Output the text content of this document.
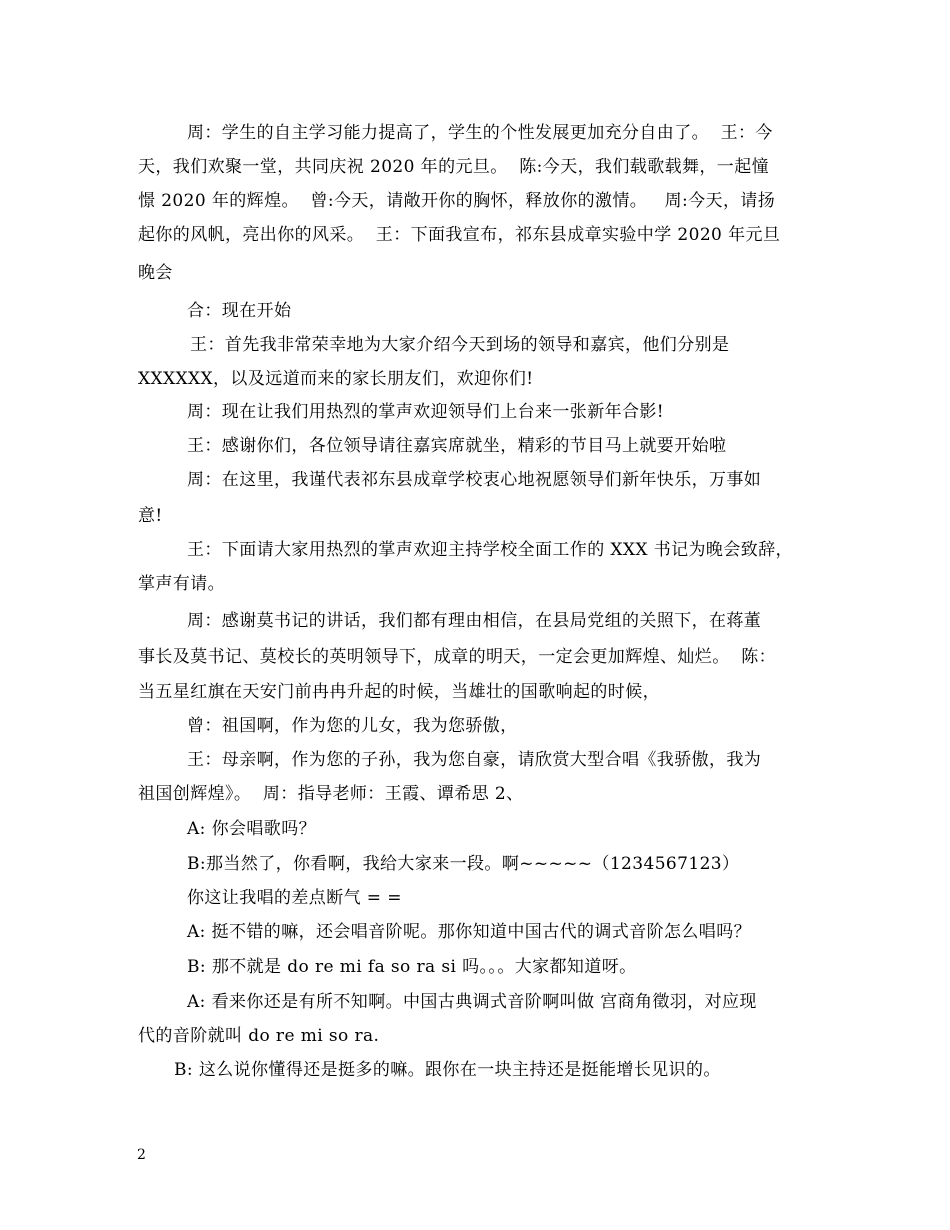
周：学生的自主学习能力提高了，学生的个性发展更加充分自由了。  王：今
天，我们欢聚一堂，共同庆祝 2020 年的元旦。  陈:今天，我们载歌载舞，一起憧
憬 2020 年的辉煌。  曾:今天，请敞开你的胸怀，释放你的激情。   周:今天，请扬
起你的风帆，亮出你的风采。  王：下面我宣布，祁东县成章实验中学 2020 年元旦
晚会
合：现在开始
王：首先我非常荣幸地为大家介绍今天到场的领导和嘉宾，他们分别是
XXXXXX，以及远道而来的家长朋友们，欢迎你们!
周：现在让我们用热烈的掌声欢迎领导们上台来一张新年合影!
王：感谢你们，各位领导请往嘉宾席就坐，精彩的节目马上就要开始啦
周：在这里，我谨代表祁东县成章学校衷心地祝愿领导们新年快乐，万事如
意!
王：下面请大家用热烈的掌声欢迎主持学校全面工作的 XXX 书记为晚会致辞，
掌声有请。
周：感谢莫书记的讲话，我们都有理由相信，在县局党组的关照下，在蒋董
事长及莫书记、莫校长的英明领导下，成章的明天，一定会更加辉煌、灿烂。  陈：
当五星红旗在天安门前冉冉升起的时候，当雄壮的国歌响起的时候，
曾：祖国啊，作为您的儿女，我为您骄傲，
王：母亲啊，作为您的子孙，我为您自豪，请欣赏大型合唱《我骄傲，我为
祖国创辉煌》。  周：指导老师：王霞、谭希思 2、
A: 你会唱歌吗？
B:那当然了，你看啊，我给大家来一段。啊~~~~~（1234567123）
你这让我唱的差点断气 = =
A: 挺不错的嘛，还会唱音阶呢。那你知道中国古代的调式音阶怎么唱吗？
B: 那不就是 do re mi fa so ra si 吗。。。大家都知道呀。
A: 看来你还是有所不知啊。中国古典调式音阶啊叫做 宫商角徵羽，对应现
代的音阶就叫 do re mi so ra.
B: 这么说你懂得还是挺多的嘛。跟你在一块主持还是挺能增长见识的。
2
